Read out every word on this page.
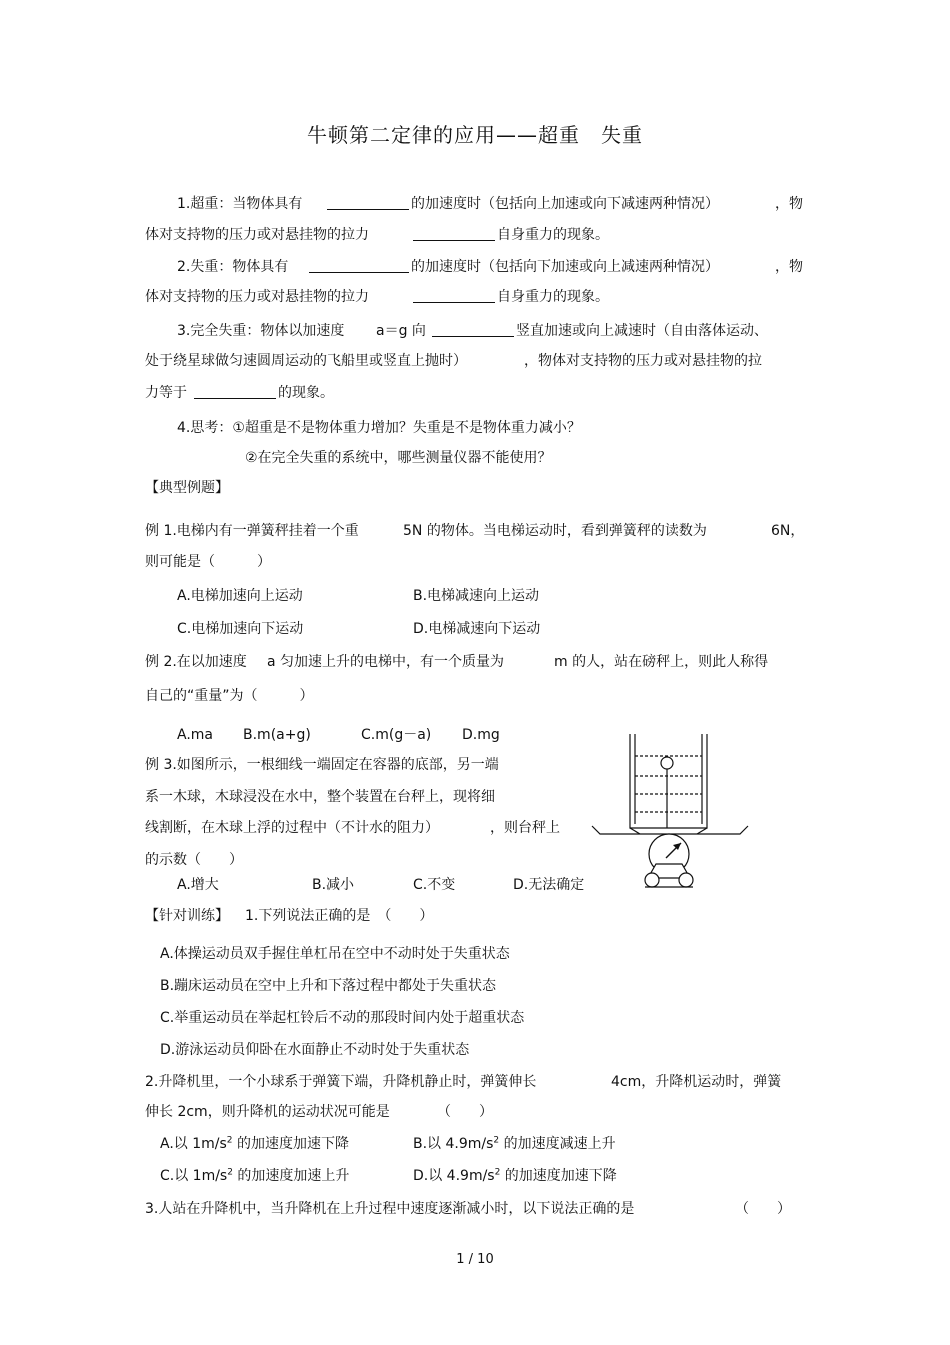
牛顿第二定律的应用——超重　失重
1.超重：当物体具有	的加速度时（包括向上加速或向下减速两种情况）	，物
体对支持物的压力或对悬挂物的拉力	自身重力的现象。
2.失重：物体具有	的加速度时（包括向下加速或向上减速两种情况）	，物
体对支持物的压力或对悬挂物的拉力	自身重力的现象。
3.完全失重：物体以加速度 a＝g 向	竖直加速或向上减速时（自由落体运动、
处于绕星球做匀速圆周运动的飞船里或竖直上抛时）	，物体对支持物的压力或对悬挂物的拉
力等于	的现象。
4.思考：①超重是不是物体重力增加？失重是不是物体重力减小？
②在完全失重的系统中，哪些测量仪器不能使用？
【典型例题】
例 1.电梯内有一弹簧秤挂着一个重	5N 的物体。当电梯运动时，看到弹簧秤的读数为	6N，
则可能是（　　　）
A.电梯加速向上运动	B.电梯减速向上运动
C.电梯加速向下运动	D.电梯减速向下运动
例 2.在以加速度 a 匀加速上升的电梯中，有一个质量为	m 的人，站在磅秤上，则此人称得
自己的“重量”为（　　　）
A.ma B.m(a+g)	C.m(g－a) D.mg
例 3.如图所示，一根细线一端固定在容器的底部，另一端
系一木球，木球浸没在水中，整个装置在台秤上，现将细
线割断，在木球上浮的过程中（不计水的阻力）	，则台秤上
的示数（　　）
A.增大	B.减小	C.不变	D.无法确定
【针对训练】 1.下列说法正确的是　（　　）
A.体操运动员双手握住单杠吊在空中不动时处于失重状态
B.蹦床运动员在空中上升和下落过程中都处于失重状态
C.举重运动员在举起杠铃后不动的那段时间内处于超重状态
D.游泳运动员仰卧在水面静止不动时处于失重状态
2.升降机里，一个小球系于弹簧下端，升降机静止时，弹簧伸长	4cm，升降机运动时，弹簧
伸长 2cm，则升降机的运动状况可能是	（　　）
A.以 $1m/s^2$ 的加速度加速下降	B.以 $4.9m/s^2$ 的加速度减速上升
C.以 $1m/s^2$ 的加速度加速上升	D.以 $4.9m/s^2$ 的加速度加速下降
3.人站在升降机中，当升降机在上升过程中速度逐渐减小时，以下说法正确的是	（　　）
1 / 10
